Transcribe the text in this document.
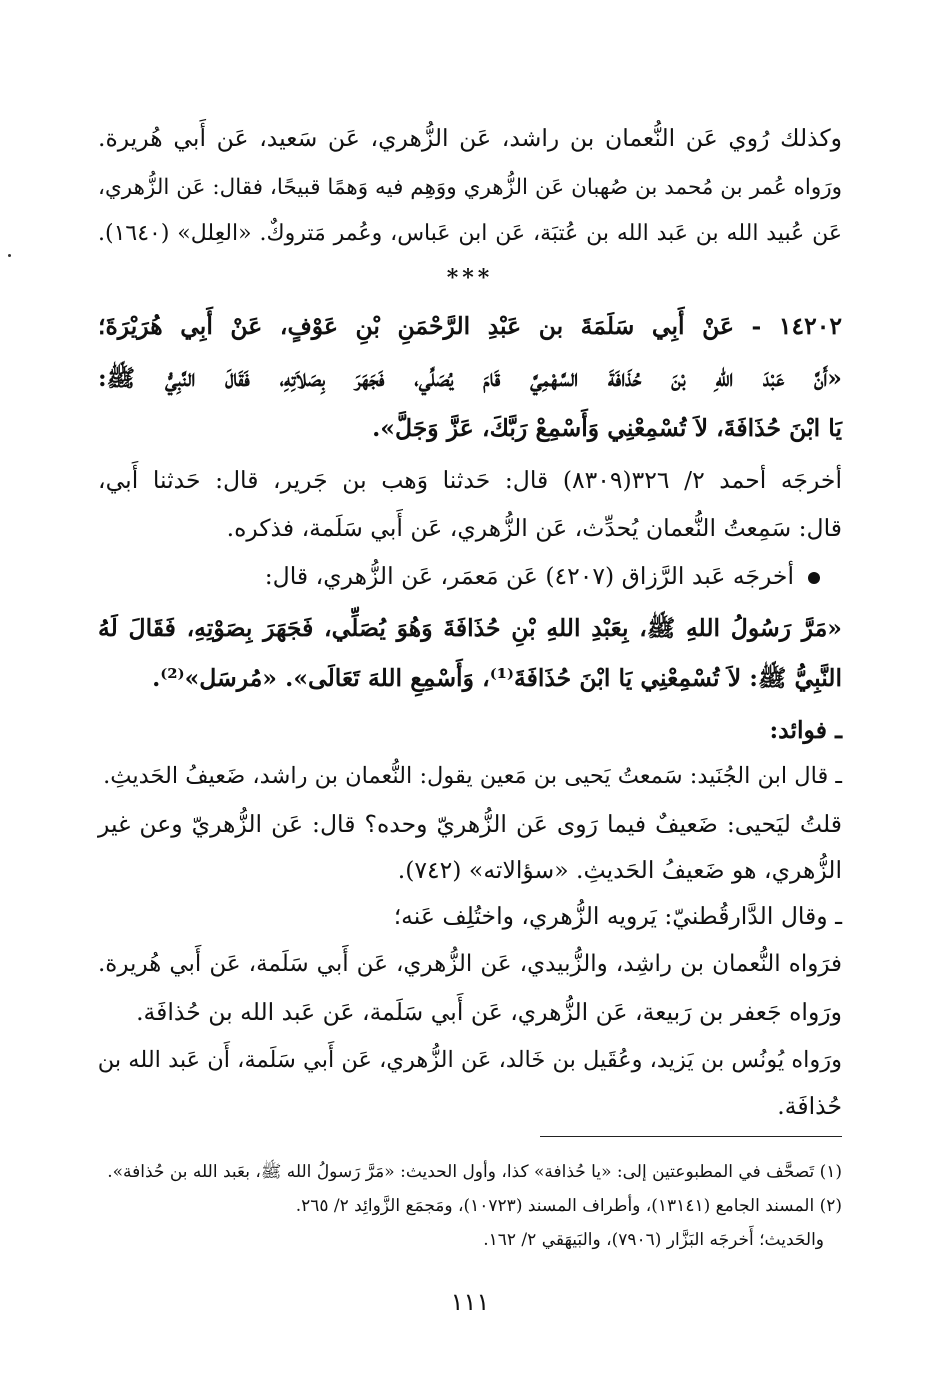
وكذلك رُوي عَن النُّعمان بن راشد، عَن الزُّهري، عَن سَعيد، عَن أَبي هُريرة.
ورَواه عُمر بن مُحمد بن صُهبان عَن الزُّهري ووَهِم فيه وَهمًا قبيحًا، فقال: عَن الزُّهري،
عَن عُبيد الله بن عَبد الله بن عُتبَة، عَن ابن عَباس، وعُمر مَتروكٌ. «العِلل» (١٦٤٠).
***
١٤٢٠٢ - عَنْ أَبِي سَلَمَةَ بن عَبْدِ الرَّحْمَنِ بْنِ عَوْفٍ، عَنْ أَبِي هُرَيْرَةَ؛
«أَنَّ عَبْدَ اللهِ بْنَ حُذَافَةَ السَّهْمِيَّ قَامَ يُصَلِّي، فَجَهَرَ بِصَلاَتِهِ، فَقَالَ النَّبِيُّ ﷺ:
يَا ابْنَ حُذَافَةَ، لاَ تُسْمِعْنِي وَأَسْمِعْ رَبَّكَ، عَزَّ وَجَلَّ».
أخرجَه أحمد ٢/ ٣٢٦(٨٣٠٩) قال: حَدثنا وَهب بن جَرير، قال: حَدثنا أَبي،
قال: سَمِعتُ النُّعمان يُحدِّث، عَن الزُّهري، عَن أَبي سَلَمة، فذكره.
أخرجَه عَبد الرَّزاق (٤٢٠٧) عَن مَعمَر، عَن الزُّهري، قال:
«مَرَّ رَسُولُ اللهِ ﷺ، بِعَبْدِ اللهِ بْنِ حُذَافَةَ وَهُوَ يُصَلِّي، فَجَهَرَ بِصَوْتِهِ، فَقَالَ لَهُ
النَّبِيُّ ﷺ: لاَ تُسْمِعْنِي يَا ابْنَ حُذَافَةَ⁽¹⁾، وَأَسْمِعِ اللهَ تَعَالَى». «مُرسَل»⁽²⁾.
ـ فوائد:
ـ قال ابن الجُنَيد: سَمعتُ يَحيى بن مَعين يقول: النُّعمان بن راشد، ضَعيفُ الحَديثِ.
قلتُ ليَحيى: ضَعيفٌ فيما رَوى عَن الزُّهريّ وحده؟ قال: عَن الزُّهريّ وعن غير
الزُّهري، هو ضَعيفُ الحَديثِ. «سؤالاته» (٧٤٢).
ـ وقال الدَّارقُطنيّ: يَرويه الزُّهري، واختُلِف عَنه؛
فرَواه النُّعمان بن راشِد، والزُّبيدي، عَن الزُّهري، عَن أَبي سَلَمة، عَن أَبي هُريرة.
ورَواه جَعفر بن رَبيعة، عَن الزُّهري، عَن أَبي سَلَمة، عَن عَبد الله بن حُذافَة.
ورَواه يُونُس بن يَزيد، وعُقَيل بن خَالد، عَن الزُّهري، عَن أَبي سَلَمة، أَن عَبد الله بن
حُذافَة.
(١) تَصحَّف في المطبوعتين إلى: «يا حُذافة» كذا، وأول الحديث: «مَرَّ رَسولُ الله ﷺ، بعَبد الله بن حُذافة».
(٢) المسند الجامع (١٣١٤١)، وأطراف المسند (١٠٧٢٣)، ومَجمَع الزَّوائِد ٢/ ٢٦٥.
والحَديث؛ أَخرجَه البَزَّار (٧٩٠٦)، والبَيهَقي ٢/ ١٦٢.
١١١
